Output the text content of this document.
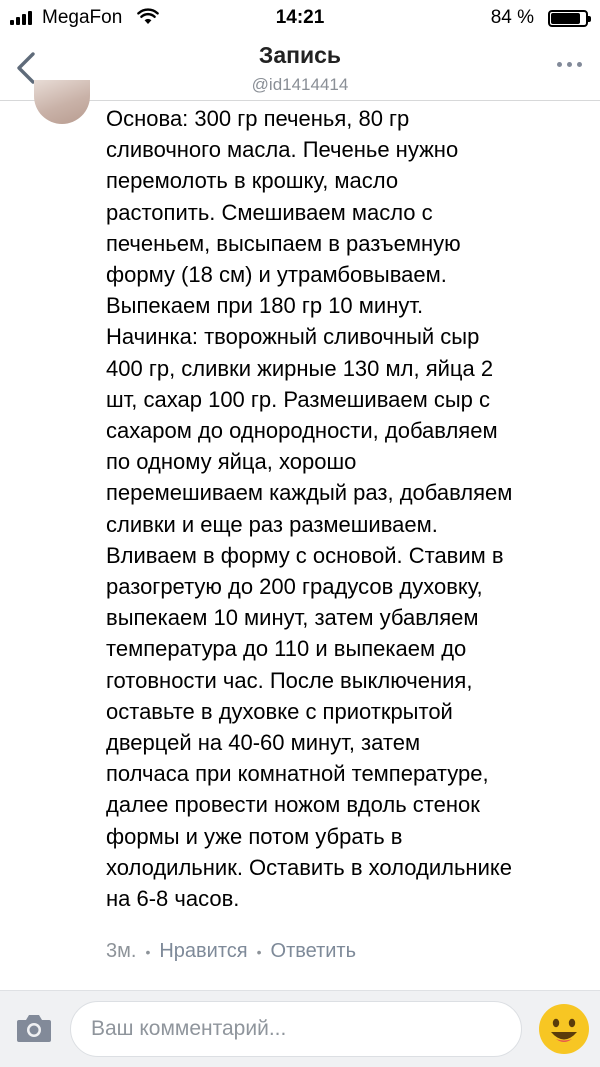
MegaFon	14:21	84 %
Запись
@id1414414

Основа: 300 гр печенья, 80 гр
сливочного масла. Печенье нужно
перемолоть в крошку, масло
растопить. Смешиваем масло с
печеньем, высыпаем в разъемную
форму (18 см) и утрамбовываем.
Выпекаем при 180 гр 10 минут.
Начинка: творожный сливочный сыр
400 гр, сливки жирные 130 мл, яйца 2
шт, сахар 100 гр. Размешиваем сыр с
сахаром до однородности, добавляем
по одному яйца, хорошо
перемешиваем каждый раз, добавляем
сливки и еще раз размешиваем.
Вливаем в форму с основой. Ставим в
разогретую до 200 градусов духовку,
выпекаем 10 минут, затем убавляем
температура до 110 и выпекаем до
готовности час. После выключения,
оставьте в духовке с приоткрытой
дверцей на 40-60 минут, затем
полчаса при комнатной температуре,
далее провести ножом вдоль стенок
формы и уже потом убрать в
холодильник. Оставить в холодильнике
на 6-8 часов.

3м. • Нравится • Ответить
Ваш комментарий...
